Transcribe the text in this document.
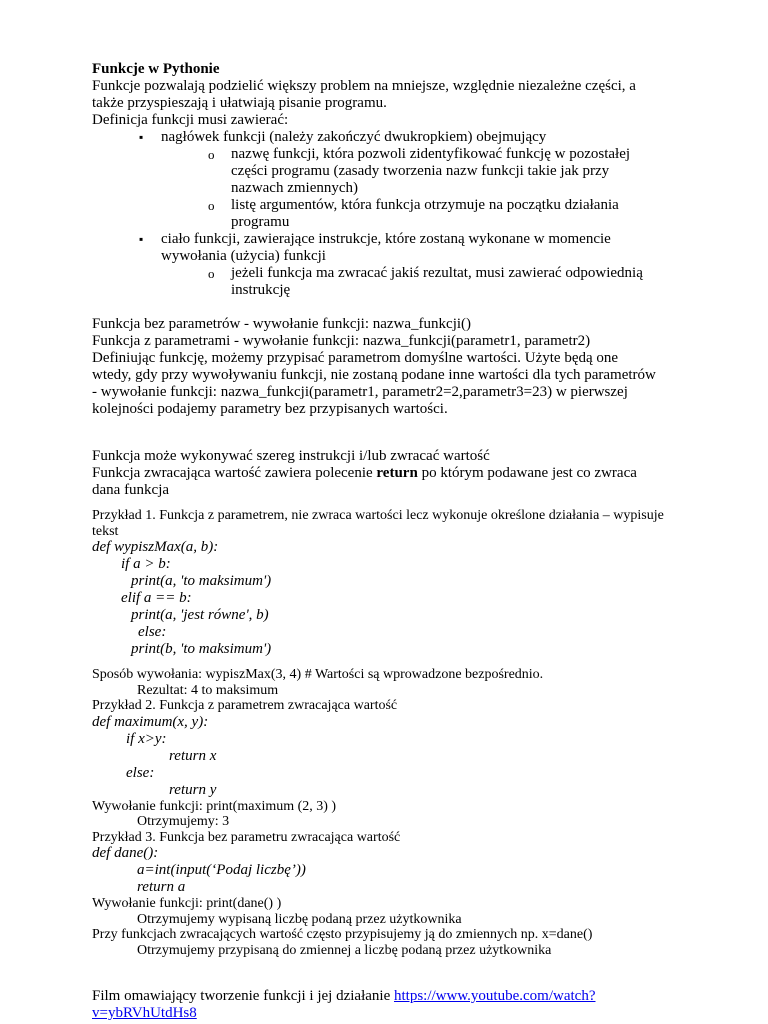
Funkcje w Pythonie
Funkcje pozwalają podzielić większy problem na mniejsze, względnie niezależne części, a
także przyspieszają i ułatwiają pisanie programu.
Definicja funkcji musi zawierać:
▪ nagłówek funkcji (należy zakończyć dwukropkiem) obejmujący
o nazwę funkcji, która pozwoli zidentyfikować funkcję w pozostałej
części programu (zasady tworzenia nazw funkcji takie jak przy
nazwach zmiennych)
o listę argumentów, która funkcja otrzymuje na początku działania
programu
▪ ciało funkcji, zawierające instrukcje, które zostaną wykonane w momencie
wywołania (użycia) funkcji
o jeżeli funkcja ma zwracać jakiś rezultat, musi zawierać odpowiednią
instrukcję
Funkcja bez parametrów - wywołanie funkcji: nazwa_funkcji()
Funkcja z parametrami - wywołanie funkcji: nazwa_funkcji(parametr1, parametr2)
Definiując funkcję, możemy przypisać parametrom domyślne wartości. Użyte będą one
wtedy, gdy przy wywoływaniu funkcji, nie zostaną podane inne wartości dla tych parametrów
- wywołanie funkcji: nazwa_funkcji(parametr1, parametr2=2,parametr3=23) w pierwszej
kolejności podajemy parametry bez przypisanych wartości.
Funkcja może wykonywać szereg instrukcji i/lub zwracać wartość
Funkcja zwracająca wartość zawiera polecenie return po którym podawane jest co zwraca
dana funkcja
Przykład 1. Funkcja z parametrem, nie zwraca wartości lecz wykonuje określone działania – wypisuje
tekst
def wypiszMax(a, b):
if a > b:
print(a, 'to maksimum')
elif a == b:
print(a, 'jest równe', b)
else:
print(b, 'to maksimum')
Sposób wywołania: wypiszMax(3, 4) # Wartości są wprowadzone bezpośrednio.
Rezultat: 4 to maksimum
Przykład 2. Funkcja z parametrem zwracająca wartość
def maximum(x, y):
if x>y:
return x
else:
return y
Wywołanie funkcji: print(maximum (2, 3) )
Otrzymujemy: 3
Przykład 3. Funkcja bez parametru zwracająca wartość
def dane():
a=int(input(‘Podaj liczbę’))
return a
Wywołanie funkcji: print(dane() )
Otrzymujemy wypisaną liczbę podaną przez użytkownika
Przy funkcjach zwracających wartość często przypisujemy ją do zmiennych np. x=dane()
Otrzymujemy przypisaną do zmiennej a liczbę podaną przez użytkownika
Film omawiający tworzenie funkcji i jej działanie https://www.youtube.com/watch?
v=ybRVhUtdHs8
